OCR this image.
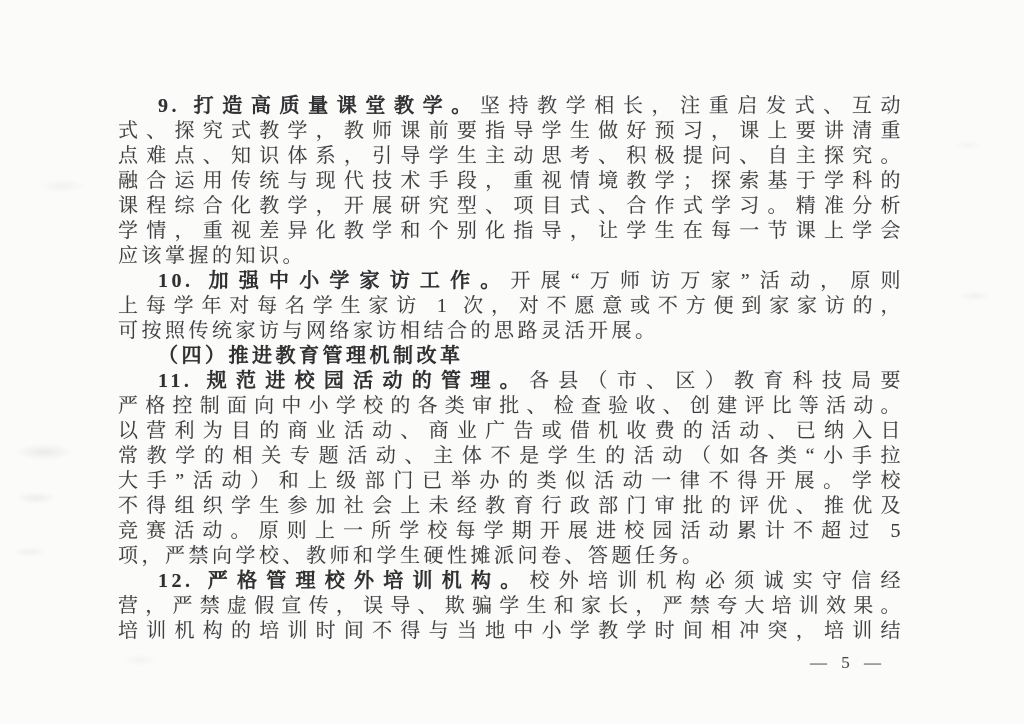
9. 打造高质量课堂教学。坚持教学相长，注重启发式、互动
式、探究式教学，教师课前要指导学生做好预习，课上要讲清重
点难点、知识体系，引导学生主动思考、积极提问、自主探究。
融合运用传统与现代技术手段，重视情境教学；探索基于学科的
课程综合化教学，开展研究型、项目式、合作式学习。精准分析
学情，重视差异化教学和个别化指导，让学生在每一节课上学会
应该掌握的知识。
10. 加强中小学家访工作。开展“万师访万家”活动，原则
上每学年对每名学生家访 1 次，对不愿意或不方便到家家访的，
可按照传统家访与网络家访相结合的思路灵活开展。
（四）推进教育管理机制改革
11. 规范进校园活动的管理。各县（市、区）教育科技局要
严格控制面向中小学校的各类审批、检查验收、创建评比等活动。
以营利为目的商业活动、商业广告或借机收费的活动、已纳入日
常教学的相关专题活动、主体不是学生的活动（如各类“小手拉
大手”活动）和上级部门已举办的类似活动一律不得开展。学校
不得组织学生参加社会上未经教育行政部门审批的评优、推优及
竞赛活动。原则上一所学校每学期开展进校园活动累计不超过 5
项，严禁向学校、教师和学生硬性摊派问卷、答题任务。
12. 严格管理校外培训机构。校外培训机构必须诚实守信经
营，严禁虚假宣传，误导、欺骗学生和家长，严禁夸大培训效果。
培训机构的培训时间不得与当地中小学教学时间相冲突，培训结
— 5 —
